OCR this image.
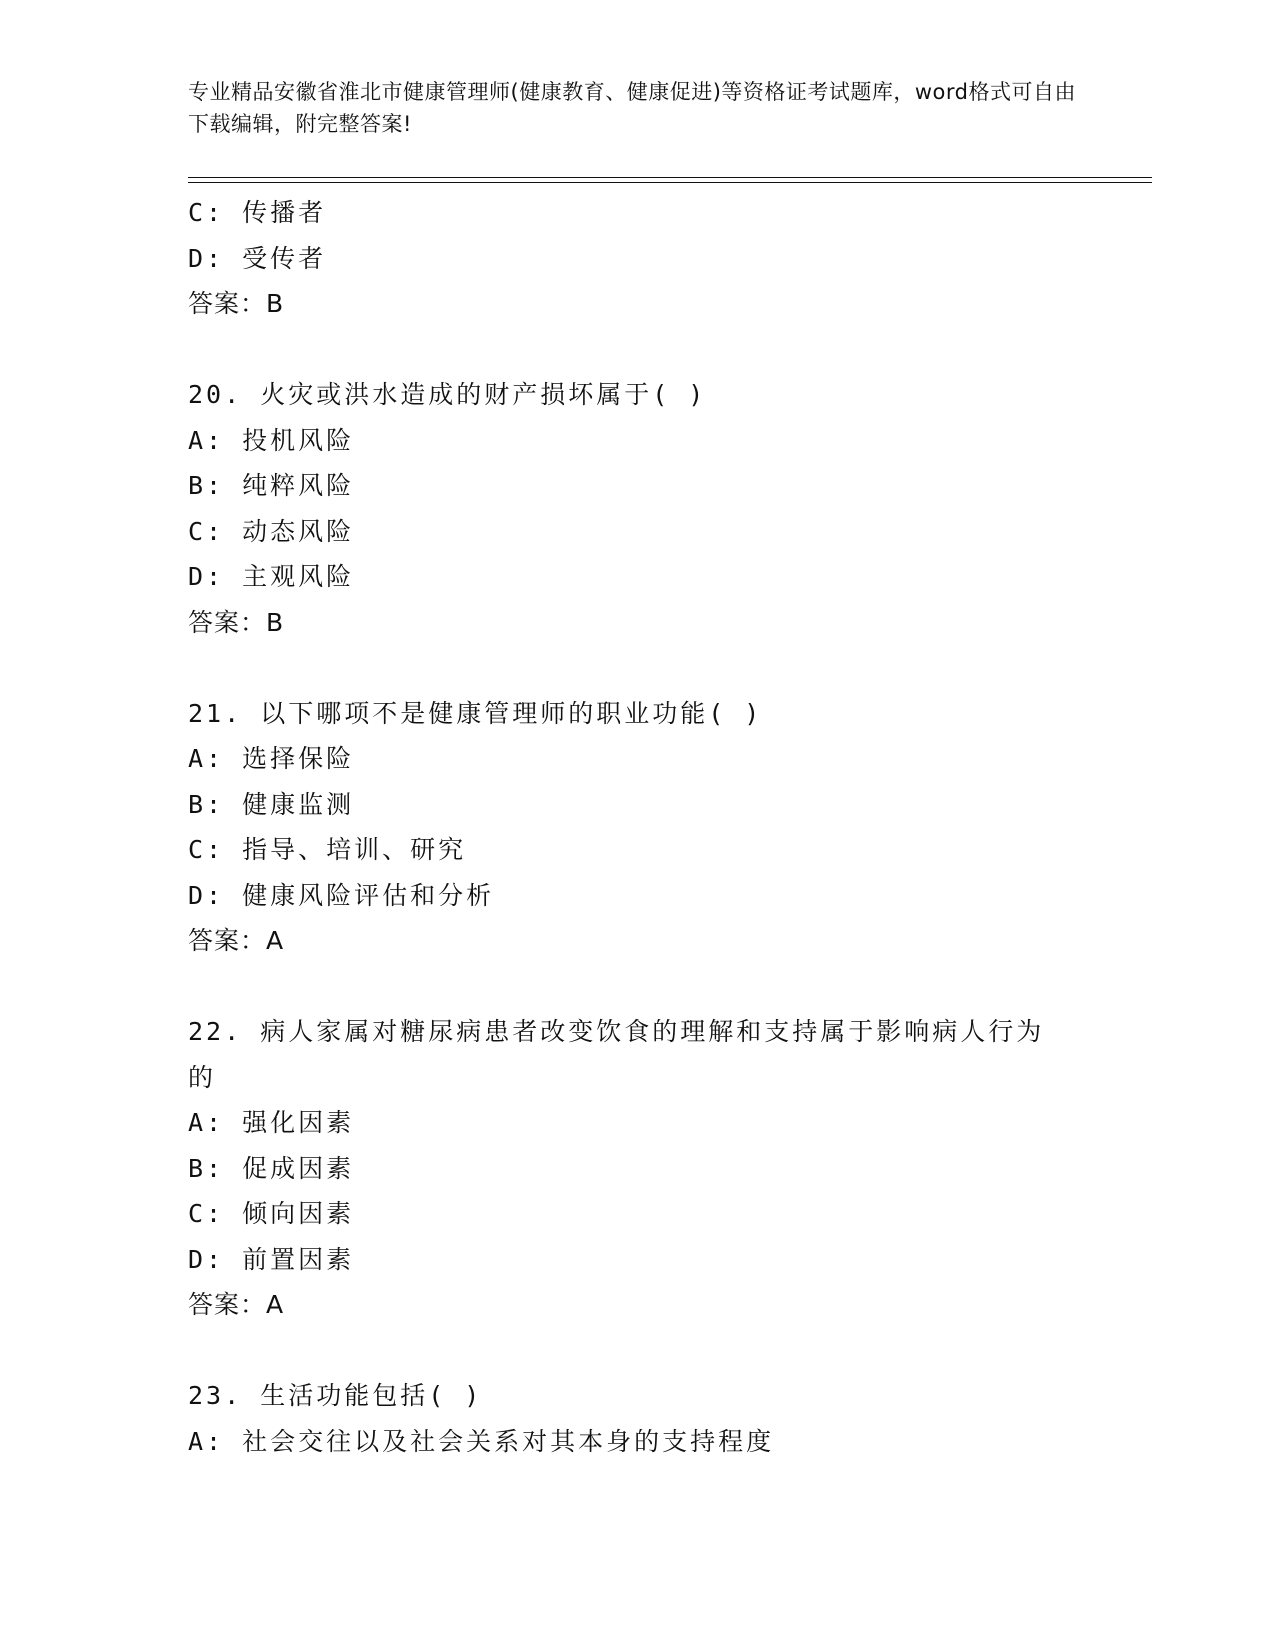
专业精品安徽省淮北市健康管理师(健康教育、健康促进)等资格证考试题库，word格式可自由下载编辑，附完整答案!
C: 传播者
D: 受传者
答案：B
20. 火灾或洪水造成的财产损坏属于( )
A: 投机风险
B: 纯粹风险
C: 动态风险
D: 主观风险
答案：B
21. 以下哪项不是健康管理师的职业功能( )
A: 选择保险
B: 健康监测
C: 指导、培训、研究
D: 健康风险评估和分析
答案：A
22. 病人家属对糖尿病患者改变饮食的理解和支持属于影响病人行为
的
A: 强化因素
B: 促成因素
C: 倾向因素
D: 前置因素
答案：A
23. 生活功能包括( )
A: 社会交往以及社会关系对其本身的支持程度
